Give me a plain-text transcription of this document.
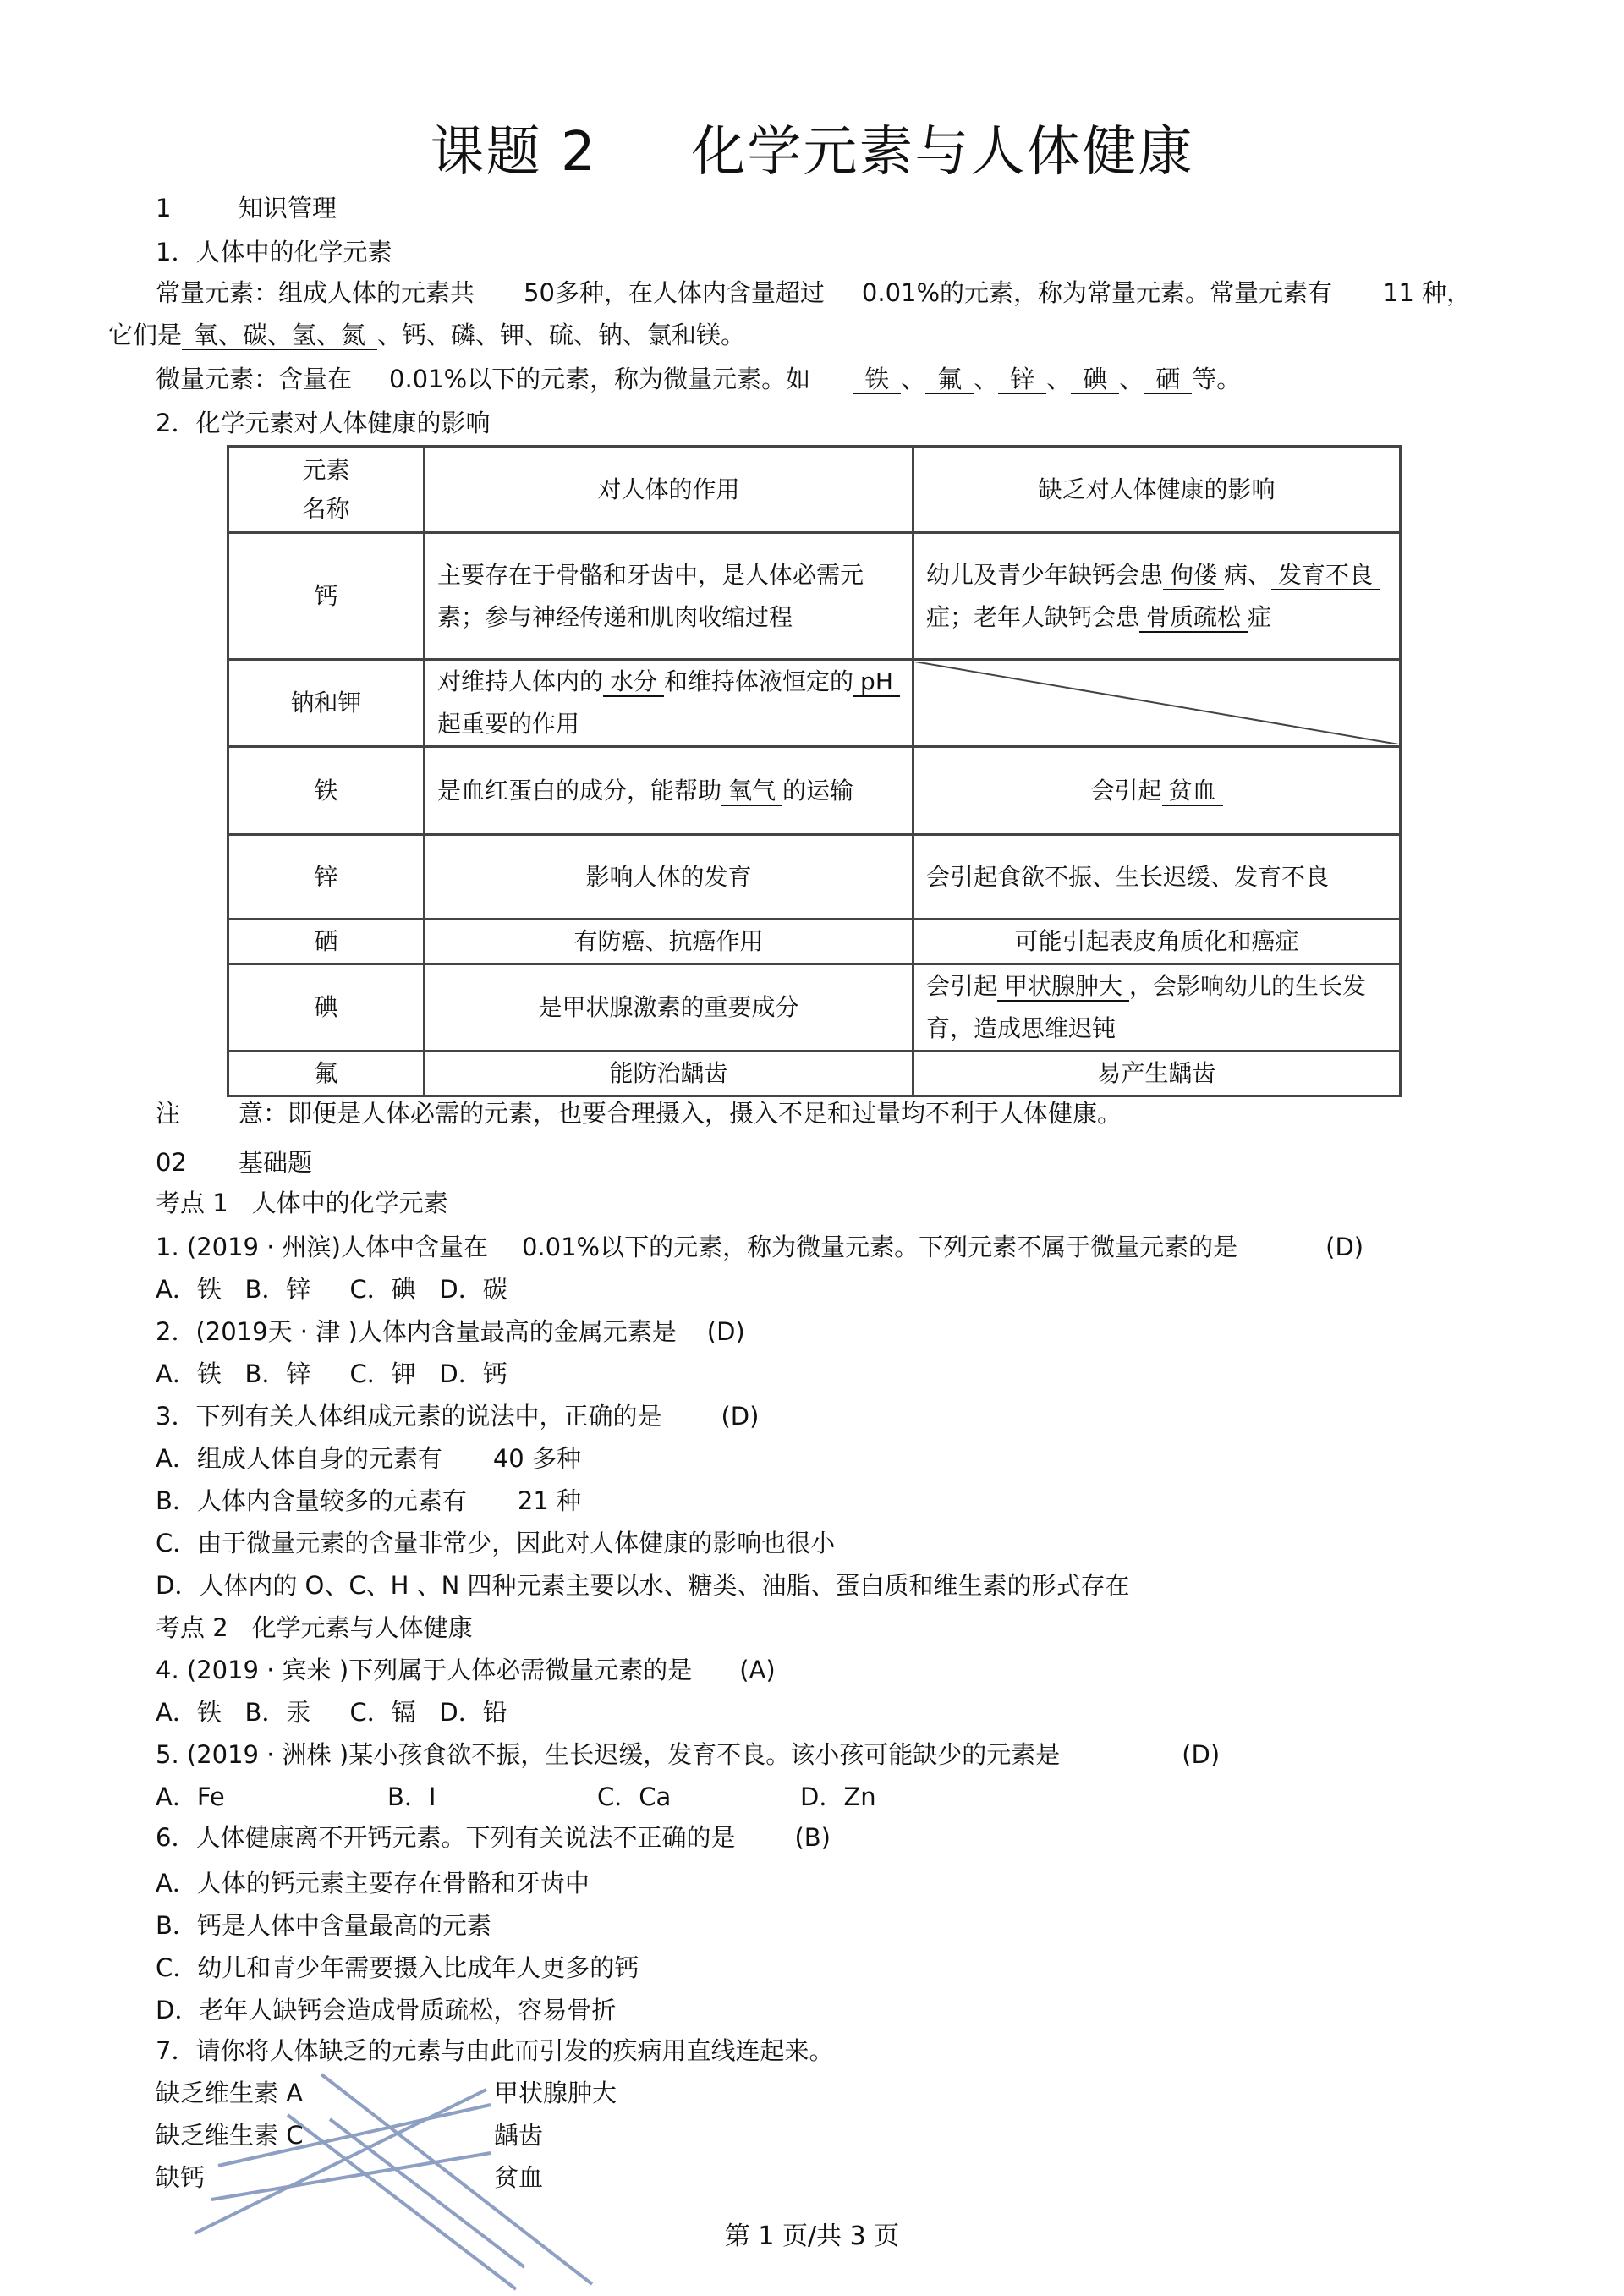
课题 2     化学元素与人体健康
1	知识管理
1．人体中的化学元素
常量元素：组成人体的元素共 50多种，在人体内含量超过 0.01%的元素，称为常量元素。常量元素有 11 种，
它们是 氧、碳、氢、氮 、钙、磷、钾、硫、钠、氯和镁。
微量元素：含量在 0.01%以下的元素，称为微量元素。如 铁 、 氟 、 锌 、 碘 、 硒 等。
2．化学元素对人体健康的影响
元素
名称	对人体的作用	缺乏对人体健康的影响
钙	主要存在于骨骼和牙齿中，是人体必需元素；参与神经传递和肌肉收缩过程	幼儿及青少年缺钙会患 佝偻 病、 发育不良症；老年人缺钙会患 骨质疏松 症
钠和钾	对维持人体内的 水分 和维持体液恒定的 pH起重要的作用	

铁	是血红蛋白的成分，能帮助 氧气 的运输	会引起 贫血
锌	影响人体的发育	会引起食欲不振、生长迟缓、发育不良
硒	有防癌、抗癌作用	可能引起表皮角质化和癌症
碘	是甲状腺激素的重要成分	会引起 甲状腺肿大 ，会影响幼儿的生长发育，造成思维迟钝
氟	能防治龋齿	易产生龋齿
注 意：即便是人体必需的元素，也要合理摄入，摄入不足和过量均不利于人体健康。
02 基础题
考点 1 人体中的化学元素
1. (2019 · 州滨)人体中含量在 0.01%以下的元素，称为微量元素。下列元素不属于微量元素的是	(D)
A．铁   B．锌     C．碘   D．碳
2．(2019天 · 津 )人体内含量最高的金属元素是 (D)
A．铁   B．锌     C．钾   D．钙
3．下列有关人体组成元素的说法中，正确的是 (D)
A．组成人体自身的元素有 40 多种
B．人体内含量较多的元素有 21 种
C．由于微量元素的含量非常少，因此对人体健康的影响也很小
D．人体内的 O、C、H 、N 四种元素主要以水、糖类、油脂、蛋白质和维生素的形式存在
考点 2 化学元素与人体健康
4. (2019 · 宾来 )下列属于人体必需微量元素的是 (A)
A．铁   B．汞     C．镉   D．铅
5. (2019 · 洲株 )某小孩食欲不振，生长迟缓，发育不良。该小孩可能缺少的元素是	(D)
A．Fe	B．I	C．Ca	D．Zn
6．人体健康离不开钙元素。下列有关说法不正确的是 (B)
A．人体的钙元素主要存在骨骼和牙齿中
B．钙是人体中含量最高的元素
C．幼儿和青少年需要摄入比成年人更多的钙
D．老年人缺钙会造成骨质疏松，容易骨折
7．请你将人体缺乏的元素与由此而引发的疾病用直线连起来。
缺乏维生素 A
缺乏维生素 C
缺钙
甲状腺肿大
龋齿
贫血
第 1 页/共 3 页
